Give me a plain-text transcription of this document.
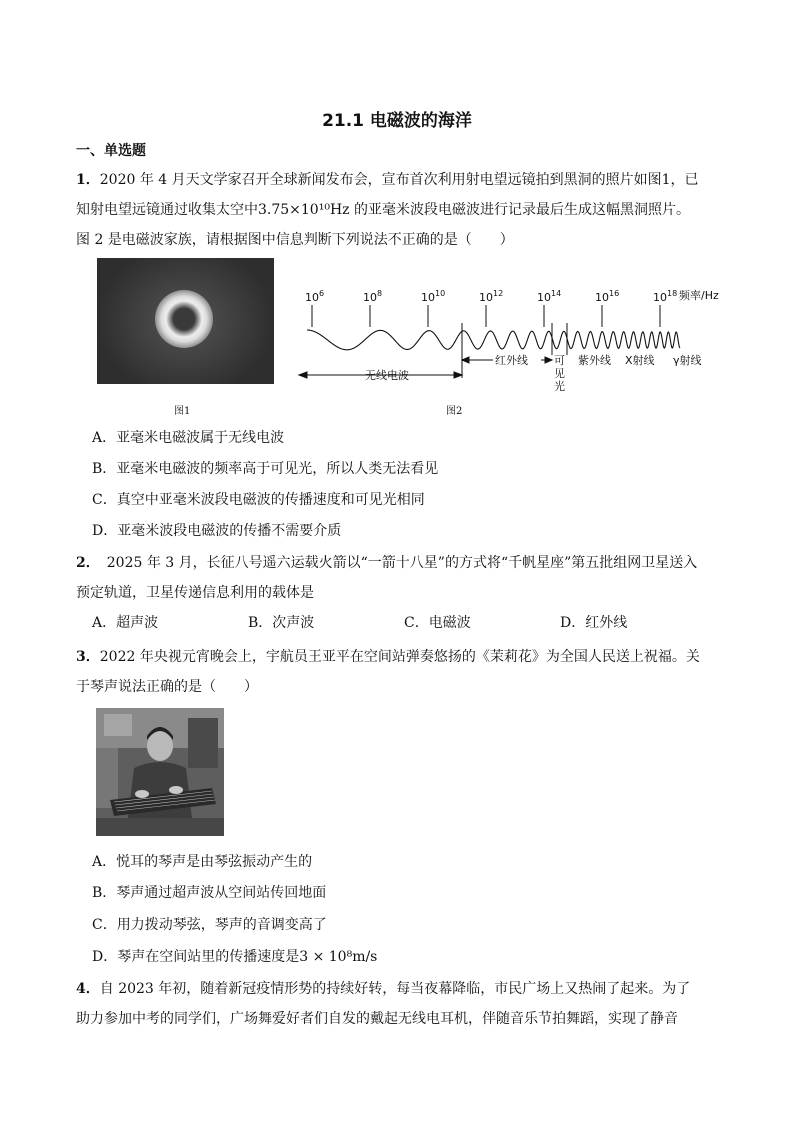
21.1 电磁波的海洋
一、单选题
1．2020 年 4 月天文学家召开全球新闻发布会，宣布首次利用射电望远镜拍到黑洞的照片如图1，已
知射电望远镜通过收集太空中3.75×10¹⁰Hz 的亚毫米波段电磁波进行记录最后生成这幅黑洞照片。
图 2 是电磁波家族，请根据图中信息判断下列说法不正确的是（　　）
图1
$10^6$	$10^8$	$10^{10}$	$10^{12}$	$10^{14}$	$10^{16}$	$10^{18}$ 频率/Hz
无线电波
红外线 可
见
光
紫外线 X射线 γ射线
图2
A．亚毫米电磁波属于无线电波
B．亚毫米电磁波的频率高于可见光，所以人类无法看见
C．真空中亚毫米波段电磁波的传播速度和可见光相同
D．亚毫米波段电磁波的传播不需要介质
2．　2025 年 3 月，长征八号遥六运载火箭以“一箭十八星”的方式将“千帆星座”第五批组网卫星送入
预定轨道，卫星传递信息利用的载体是
A．超声波	B．次声波	C．电磁波	D．红外线
3．2022 年央视元宵晚会上，宇航员王亚平在空间站弹奏悠扬的《茉莉花》为全国人民送上祝福。关
于琴声说法正确的是（　　）
A．悦耳的琴声是由琴弦振动产生的
B．琴声通过超声波从空间站传回地面
C．用力拨动琴弦，琴声的音调变高了
D．琴声在空间站里的传播速度是3 × 10⁸m/s
4．自 2023 年初，随着新冠疫情形势的持续好转，每当夜幕降临，市民广场上又热闹了起来。为了
助力参加中考的同学们，广场舞爱好者们自发的戴起无线电耳机，伴随音乐节拍舞蹈，实现了静音
